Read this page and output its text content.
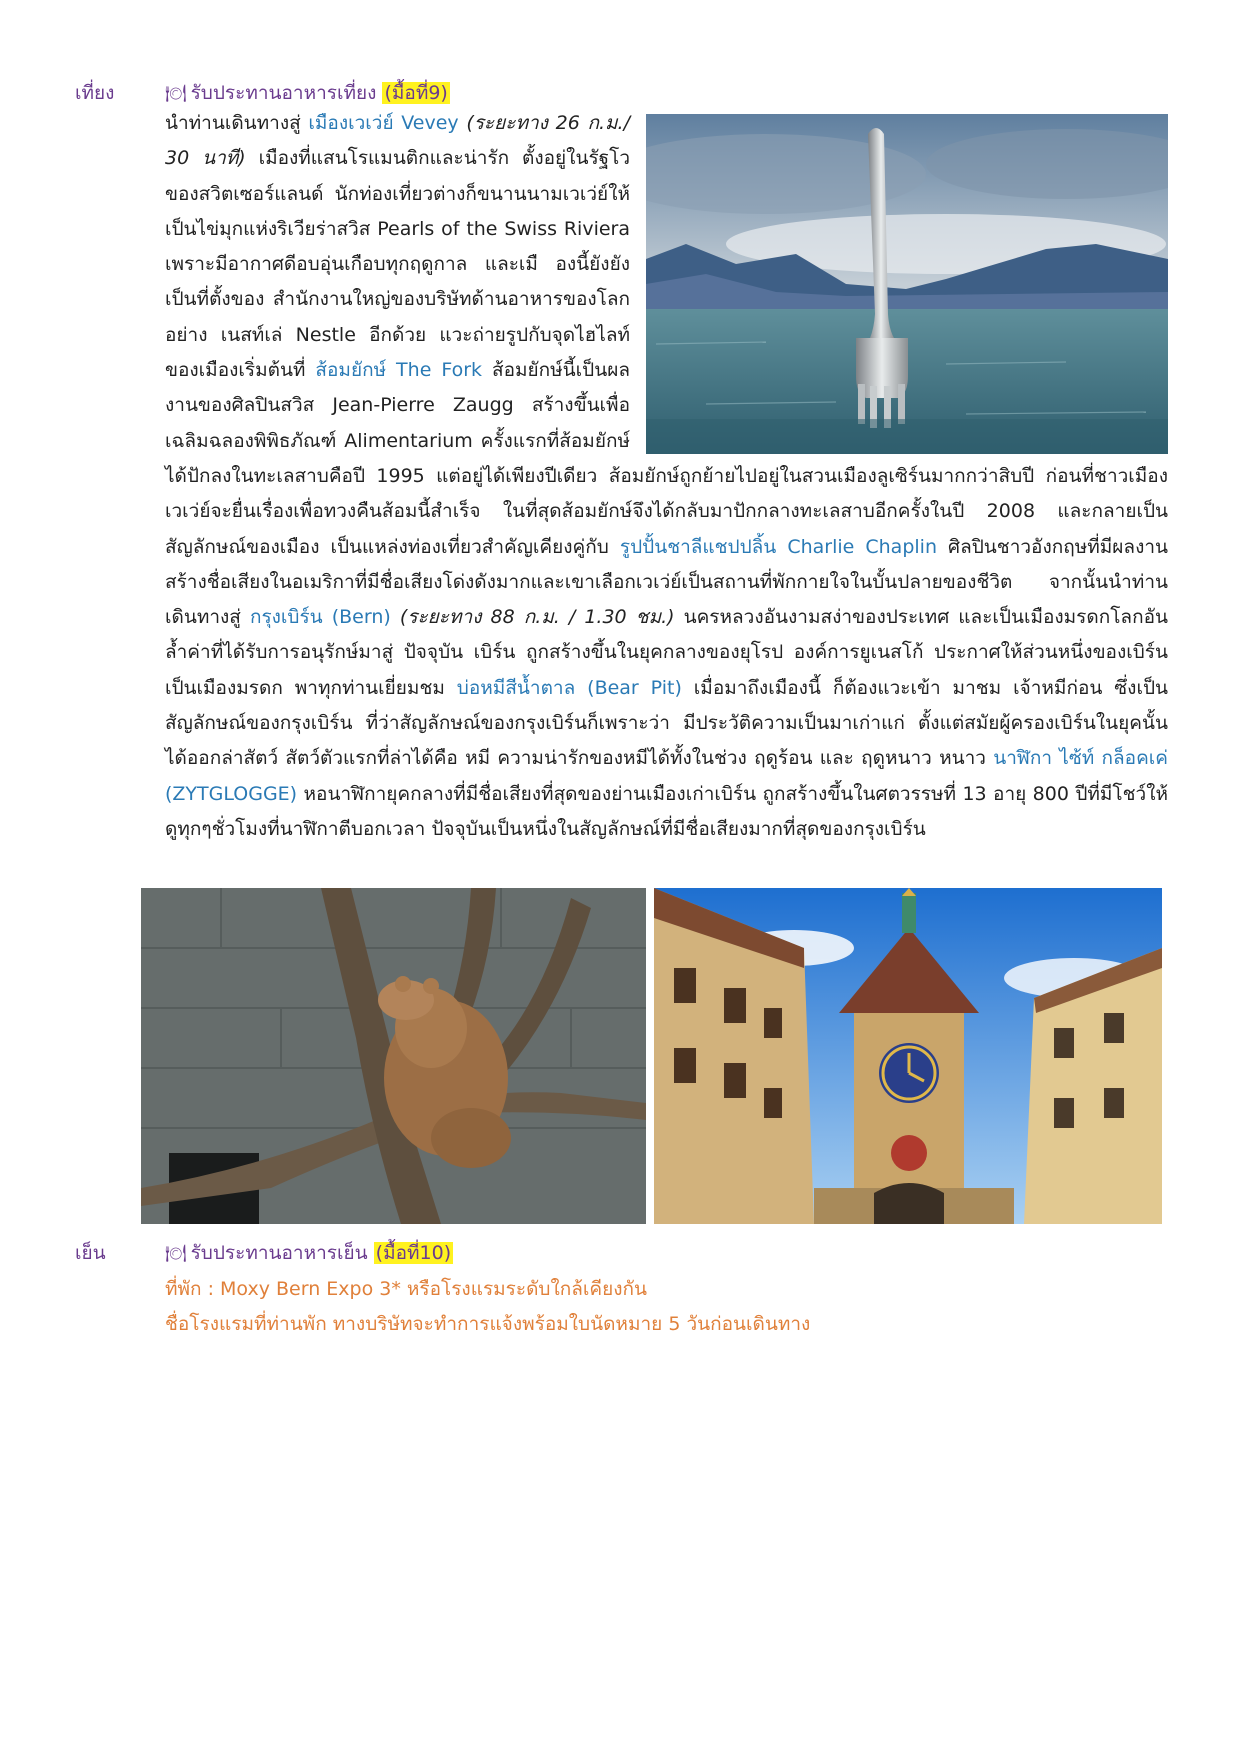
เที่ยง	🍽 รับประทานอาหารเที่ยง (มื้อที่9)
นำท่านเดินทางสู่ เมืองเวเว่ย์ Vevey (ระยะทาง 26 ก.ม./ 30 นาที) เมืองที่แสนโรแมนติกและน่ารัก ตั้งอยู่ในรัฐโวของสวิตเซอร์แลนด์ นักท่องเที่ยวต่างก็ขนานนามเวเว่ย์ให้เป็นไข่มุกแห่งริเวียร่าสวิส Pearls of the Swiss Riviera เพราะมีอากาศดีอบอุ่นเกือบทุกฤดูกาล และเมื องนี้ยังยังเป็นที่ตั้งของ สำนักงานใหญ่ของบริษัทด้านอาหารของโลกอย่าง เนสท์เล่ Nestle อีกด้วย แวะถ่ายรูปกับจุดไฮไลท์ของเมืองเริ่มต้นที่ ส้อมยักษ์ The Fork ส้อมยักษ์นี้เป็นผลงานของศิลปินสวิส Jean-Pierre Zaugg สร้างขึ้นเพื่อเฉลิมฉลองพิพิธภัณฑ์ Alimentarium ครั้งแรกที่ส้อมยักษ์ได้ปักลงในทะเลสาบคือปี 1995 แต่อยู่ได้เพียงปีเดียว ส้อมยักษ์ถูกย้ายไปอยู่ในสวนเมืองลูเซิร์นมากกว่าสิบปี ก่อนที่ชาวเมือง เวเว่ย์จะยื่นเรื่องเพื่อทวงคืนส้อมนี้สำเร็จ ในที่สุดส้อมยักษ์จึงได้กลับมาปักกลางทะเลสาบอีกครั้งในปี 2008 และกลายเป็นสัญลักษณ์ของเมือง เป็นแหล่งท่องเที่ยวสำคัญเคียงคู่กับ รูปปั้นชาลีแชปปลิ้น Charlie Chaplin ศิลปินชาวอังกฤษที่มีผลงานสร้างชื่อเสียงในอเมริกาที่มีชื่อเสียงโด่งดังมากและเขาเลือกเวเว่ย์เป็นสถานที่พักกายใจในบั้นปลายของชีวิต จากนั้นนำท่านเดินทางสู่ กรุงเบิร์น (Bern) (ระยะทาง 88 ก.ม. / 1.30 ชม.) นครหลวงอันงามสง่าของประเทศ และเป็นเมืองมรดกโลกอันล้ำค่าที่ได้รับการอนุรักษ์มาสู่ ปัจจุบัน เบิร์น ถูกสร้างขึ้นในยุคกลางของยุโรป องค์การยูเนสโก้ ประกาศให้ส่วนหนึ่งของเบิร์นเป็นเมืองมรดก พาทุกท่านเยี่ยมชม บ่อหมีสีน้ำตาล (Bear Pit) เมื่อมาถึงเมืองนี้ ก็ต้องแวะเข้า มาชม เจ้าหมีก่อน ซึ่งเป็นสัญลักษณ์ของกรุงเบิร์น ที่ว่าสัญลักษณ์ของกรุงเบิร์นก็เพราะว่า มีประวัติความเป็นมาเก่าแก่ ตั้งแต่สมัยผู้ครองเบิร์นในยุคนั้นได้ออกล่าสัตว์ สัตว์ตัวแรกที่ล่าได้คือ หมี ความน่ารักของหมีได้ทั้งในช่วง ฤดูร้อน และ ฤดูหนาว หนาว นาฬิกา ไซ้ท์ กล็อคเค่ (ZYTGLOGGE) หอนาฬิกายุคกลางที่มีชื่อเสียงที่สุดของย่านเมืองเก่าเบิร์น ถูกสร้างขึ้นในศตวรรษที่ 13 อายุ 800 ปีที่มีโชว์ให้ดูทุกๆชั่วโมงที่นาฬิกาตีบอกเวลา ปัจจุบันเป็นหนึ่งในสัญลักษณ์ที่มีชื่อเสียงมากที่สุดของกรุงเบิร์น
เย็น	🍽 รับประทานอาหารเย็น (มื้อที่10)
ที่พัก : Moxy Bern Expo 3* หรือโรงแรมระดับใกล้เคียงกัน
ชื่อโรงแรมที่ท่านพัก ทางบริษัทจะทำการแจ้งพร้อมใบนัดหมาย 5 วันก่อนเดินทาง
